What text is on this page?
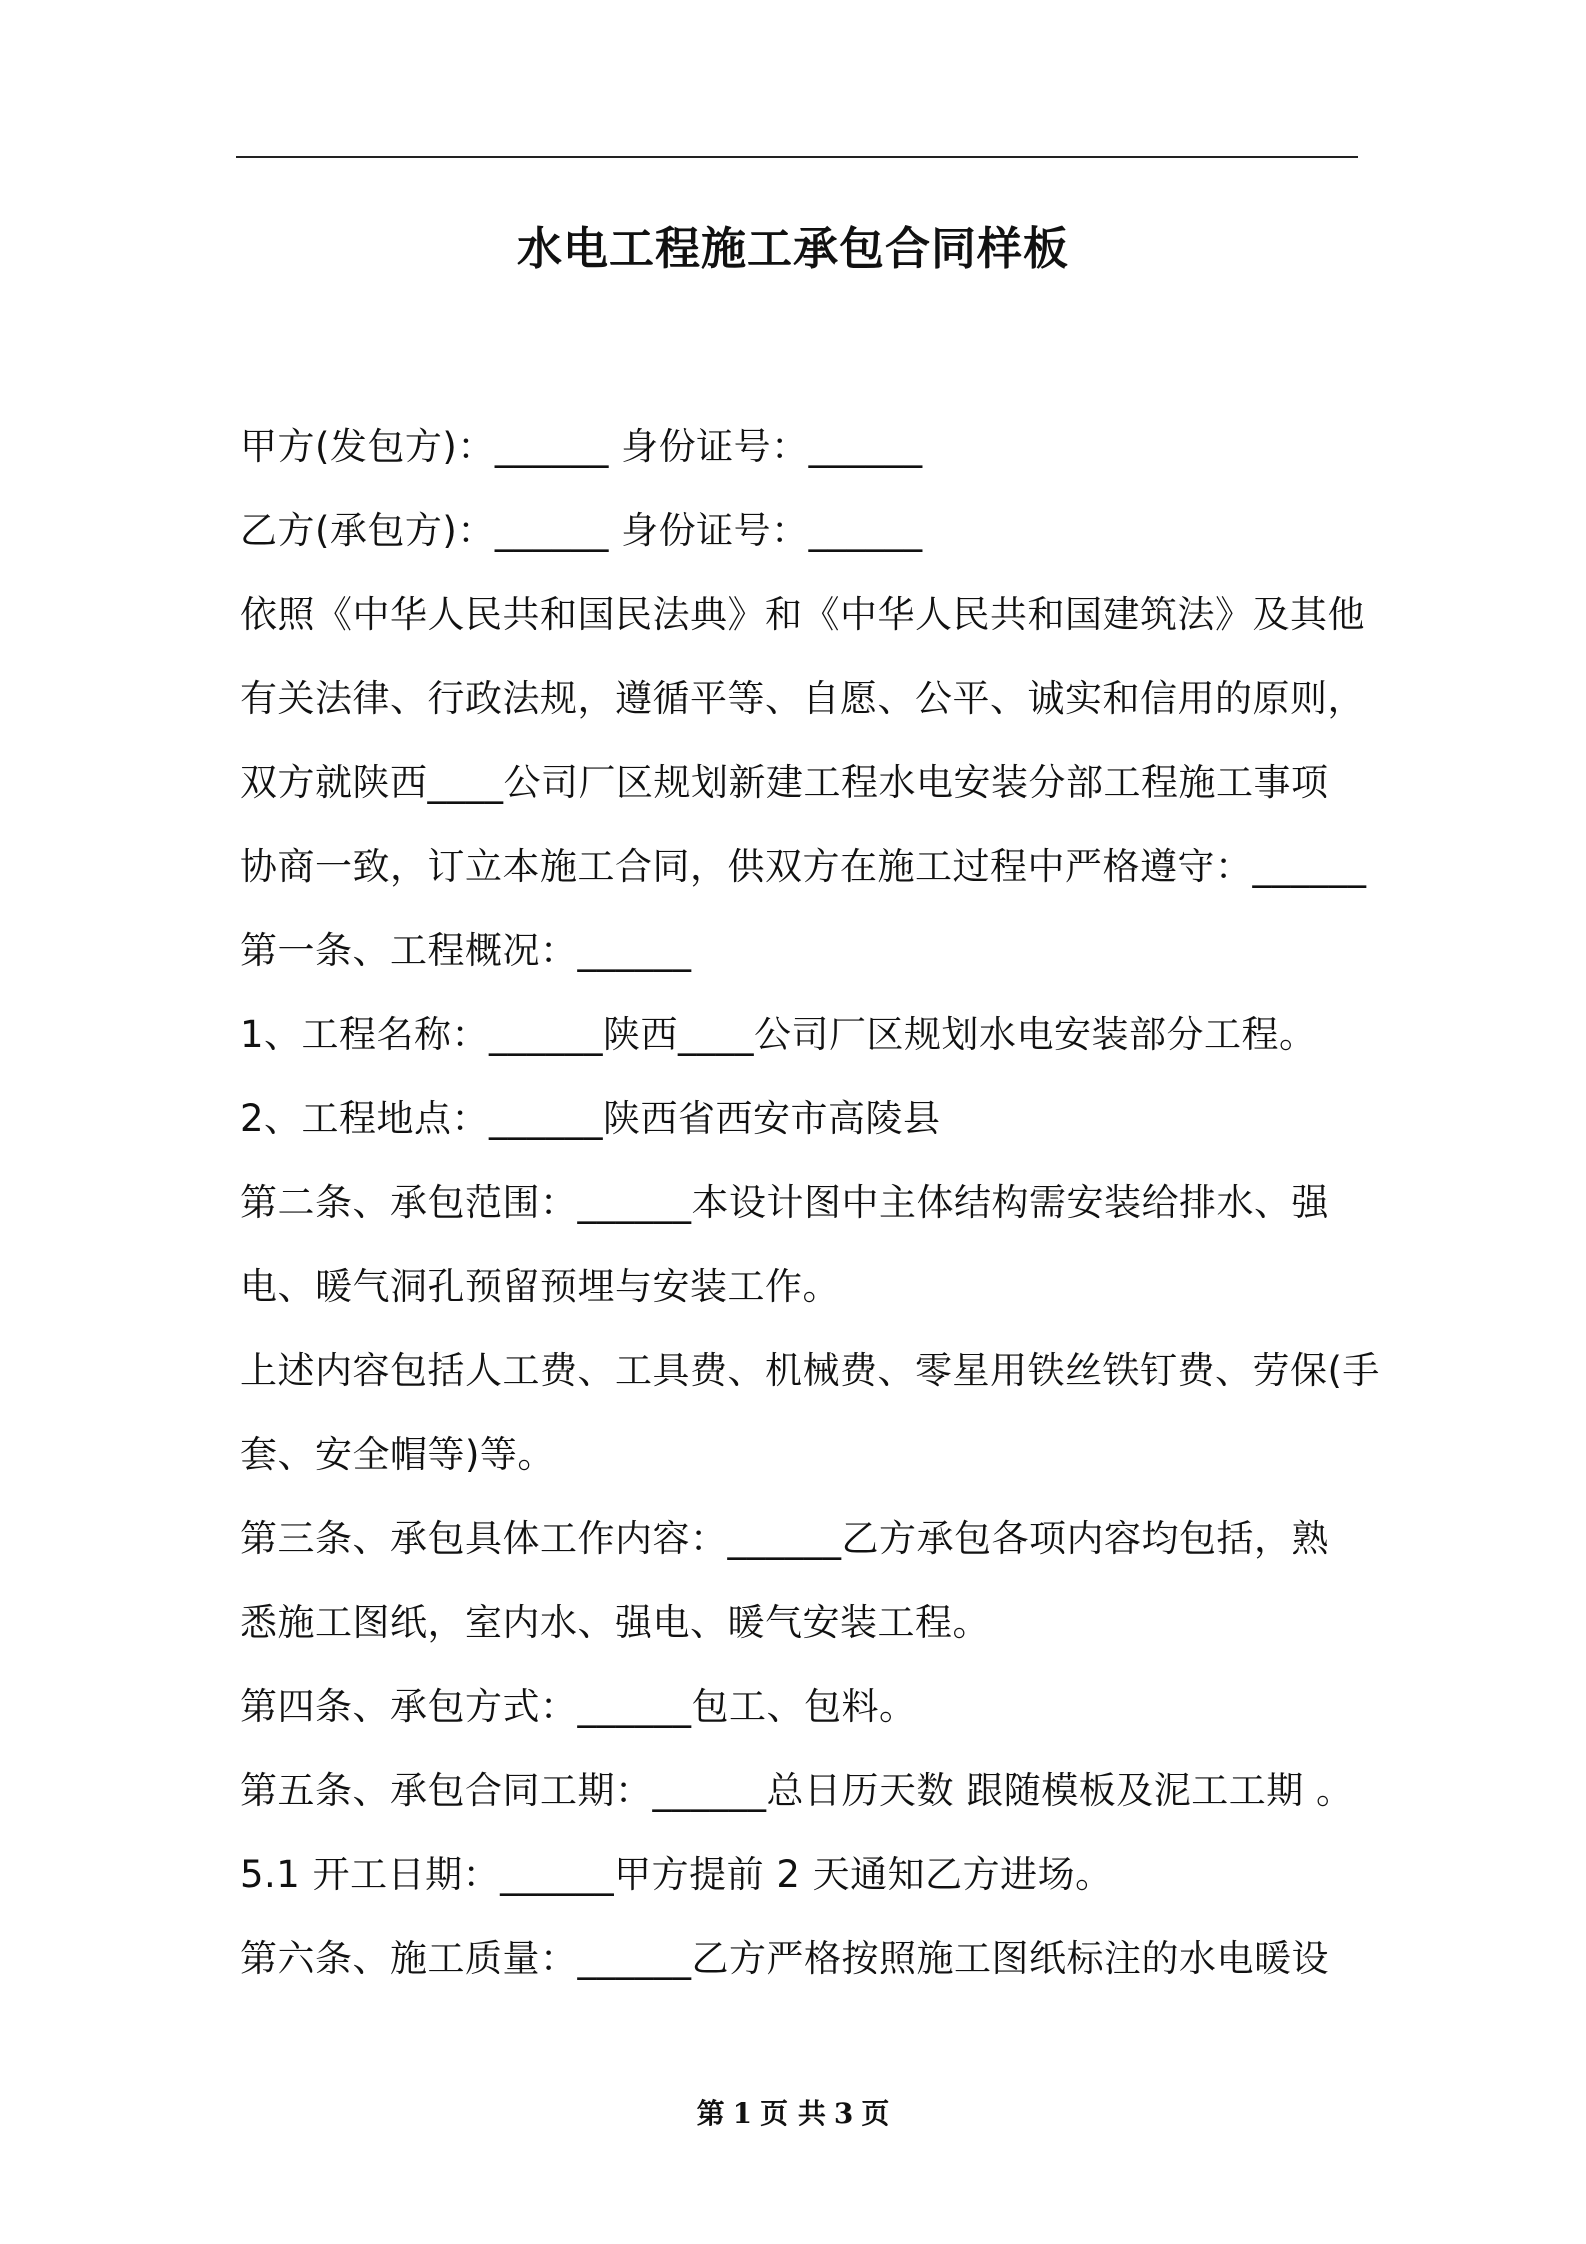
水电工程施工承包合同样板

甲方(发包方)：______ 身份证号：______

乙方(承包方)：______ 身份证号：______

依照《中华人民共和国民法典》和《中华人民共和国建筑法》及其他

有关法律、行政法规，遵循平等、自愿、公平、诚实和信用的原则，

双方就陕西____公司厂区规划新建工程水电安装分部工程施工事项

协商一致，订立本施工合同，供双方在施工过程中严格遵守：______

第一条、工程概况：______

1、工程名称：______陕西____公司厂区规划水电安装部分工程。

2、工程地点：______陕西省西安市高陵县

第二条、承包范围：______本设计图中主体结构需安装给排水、强

电、暖气洞孔预留预埋与安装工作。

上述内容包括人工费、工具费、机械费、零星用铁丝铁钉费、劳保(手

套、安全帽等)等。

第三条、承包具体工作内容：______乙方承包各项内容均包括，熟

悉施工图纸，室内水、强电、暖气安装工程。

第四条、承包方式：______包工、包料。

第五条、承包合同工期：______总日历天数 跟随模板及泥工工期 。

5.1 开工日期：______甲方提前 2 天通知乙方进场。

第六条、施工质量：______乙方严格按照施工图纸标注的水电暖设

第 1 页 共 3 页
